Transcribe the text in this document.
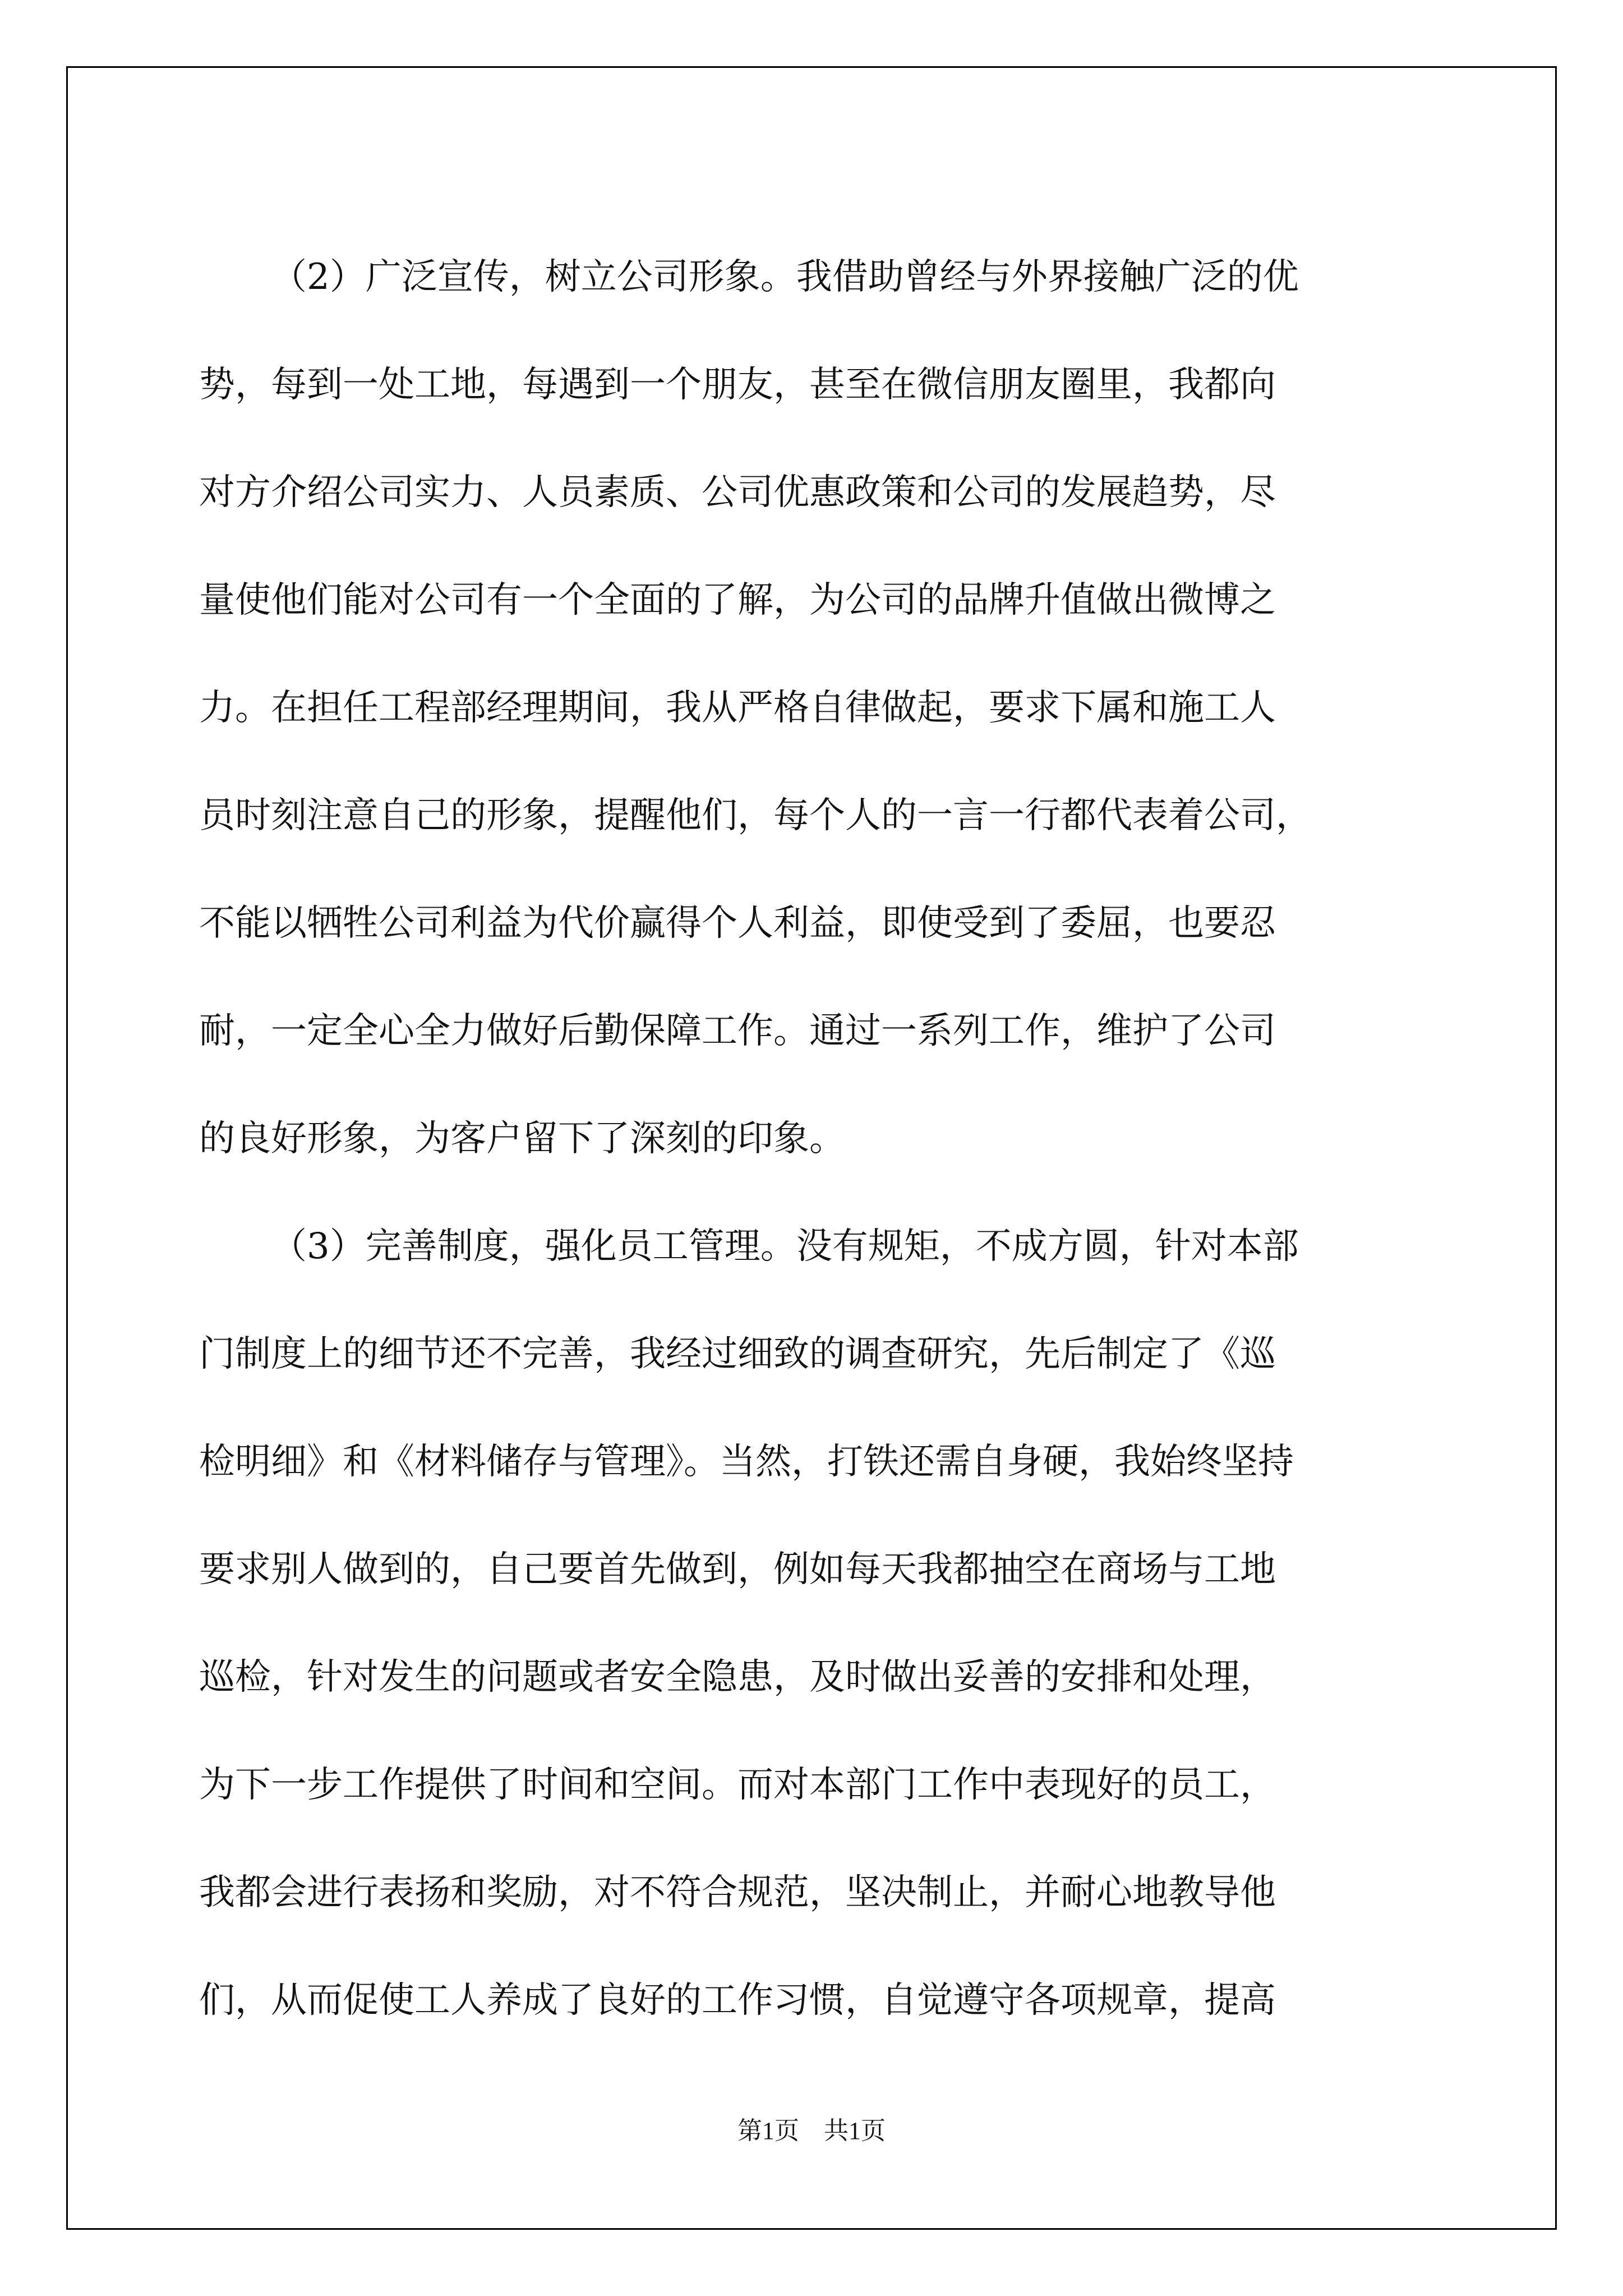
（2）广泛宣传，树立公司形象。我借助曾经与外界接触广泛的优
势，每到一处工地，每遇到一个朋友，甚至在微信朋友圈里，我都向
对方介绍公司实力、人员素质、公司优惠政策和公司的发展趋势，尽
量使他们能对公司有一个全面的了解，为公司的品牌升值做出微博之
力。在担任工程部经理期间，我从严格自律做起，要求下属和施工人
员时刻注意自己的形象，提醒他们，每个人的一言一行都代表着公司，
不能以牺牲公司利益为代价赢得个人利益，即使受到了委屈，也要忍
耐，一定全心全力做好后勤保障工作。通过一系列工作，维护了公司
的良好形象，为客户留下了深刻的印象。
（3）完善制度，强化员工管理。没有规矩，不成方圆，针对本部
门制度上的细节还不完善，我经过细致的调查研究，先后制定了《巡
检明细》和《材料储存与管理》。当然，打铁还需自身硬，我始终坚持
要求别人做到的，自己要首先做到，例如每天我都抽空在商场与工地
巡检，针对发生的问题或者安全隐患，及时做出妥善的安排和处理，
为下一步工作提供了时间和空间。而对本部门工作中表现好的员工，
我都会进行表扬和奖励，对不符合规范，坚决制止，并耐心地教导他
们，从而促使工人养成了良好的工作习惯，自觉遵守各项规章，提高
第1页 共1页
